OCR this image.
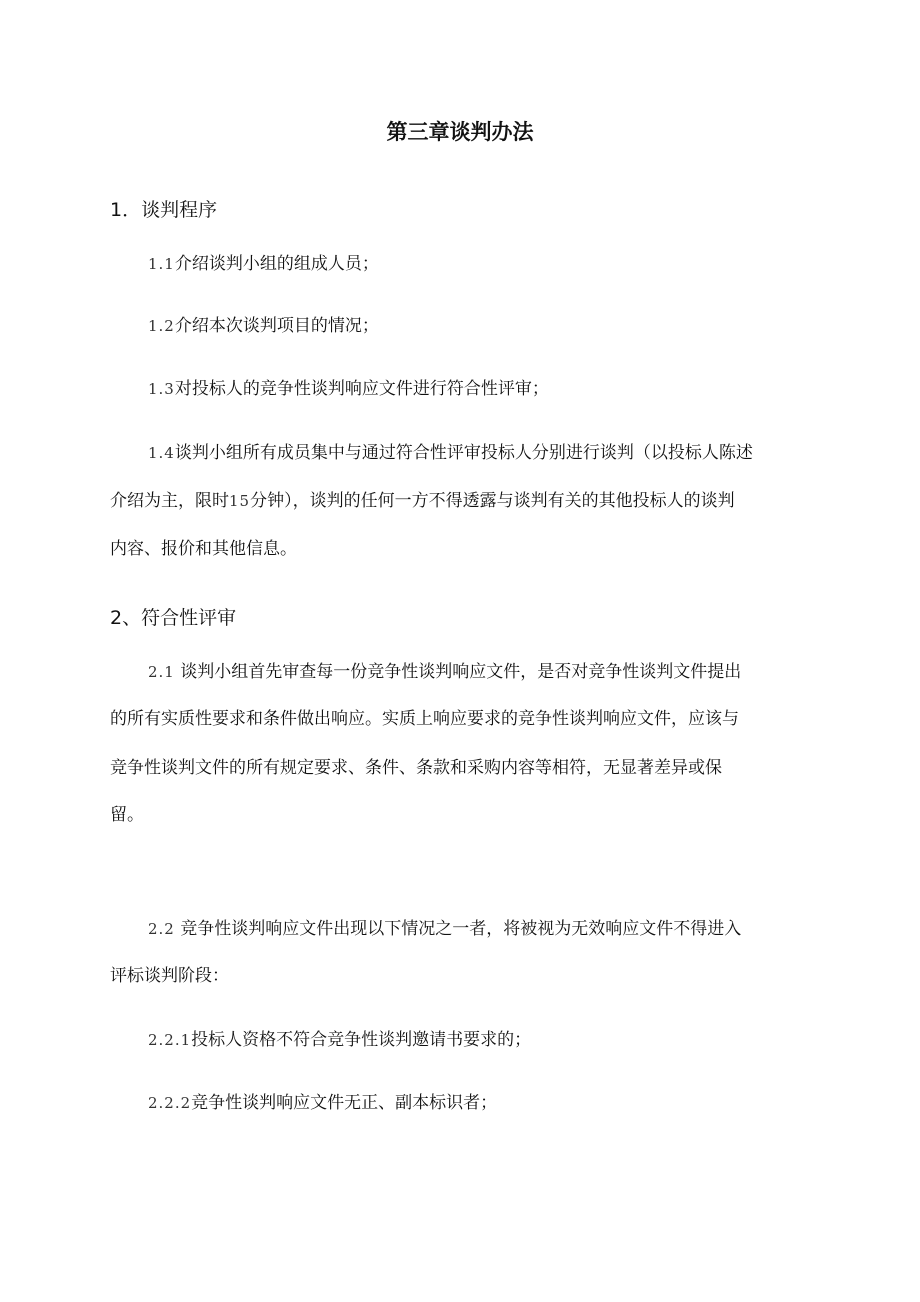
第三章谈判办法
1．谈判程序
1.1介绍谈判小组的组成人员；
1.2介绍本次谈判项目的情况；
1.3对投标人的竞争性谈判响应文件进行符合性评审；
1.4谈判小组所有成员集中与通过符合性评审投标人分别进行谈判（以投标人陈述
介绍为主，限时15分钟），谈判的任何一方不得透露与谈判有关的其他投标人的谈判
内容、报价和其他信息。
2、符合性评审
2.1 谈判小组首先审查每一份竞争性谈判响应文件，是否对竞争性谈判文件提出
的所有实质性要求和条件做出响应。实质上响应要求的竞争性谈判响应文件，应该与
竞争性谈判文件的所有规定要求、条件、条款和采购内容等相符，无显著差异或保
留。
2.2 竞争性谈判响应文件出现以下情况之一者，将被视为无效响应文件不得进入
评标谈判阶段：
2.2.1投标人资格不符合竞争性谈判邀请书要求的；
2.2.2竞争性谈判响应文件无正、副本标识者；
